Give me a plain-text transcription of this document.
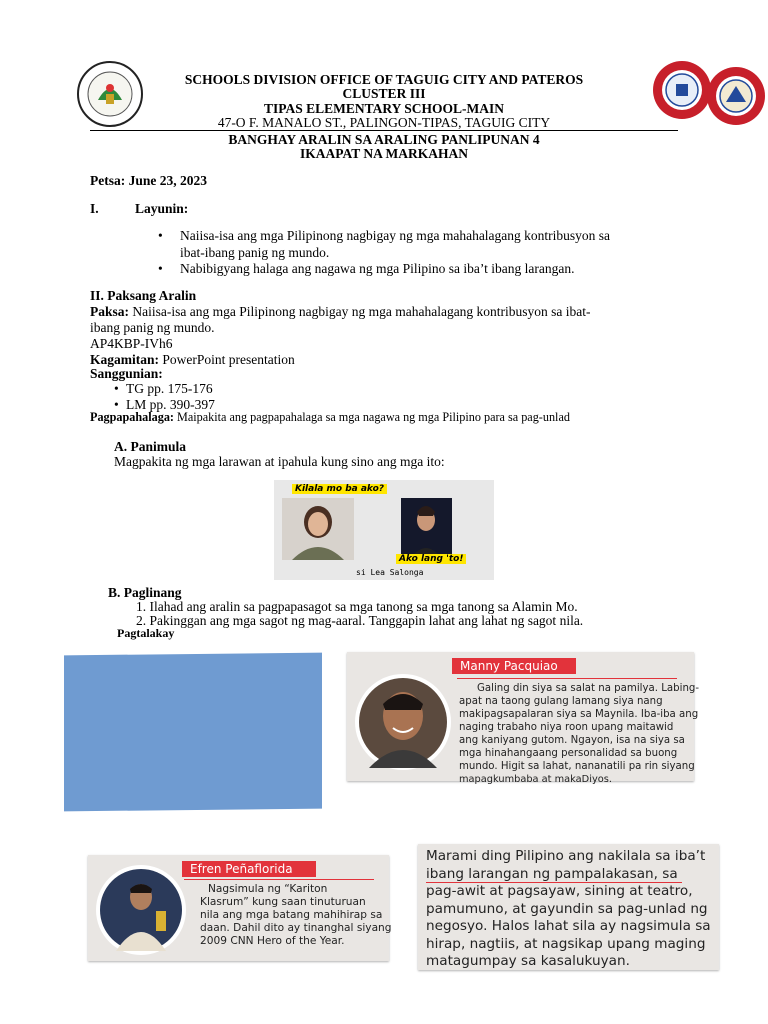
SCHOOLS DIVISION OFFICE OF TAGUIG CITY AND PATEROS
CLUSTER III
TIPAS ELEMENTARY SCHOOL-MAIN
47-O F. MANALO ST., PALINGON-TIPAS, TAGUIG CITY
BANGHAY ARALIN SA ARALING PANLIPUNAN 4
IKAAPAT NA MARKAHAN
Petsa: June 23, 2023
I.	Layunin:
• Naiisa-isa ang mga Pilipinong nagbigay ng mga mahahalagang kontribusyon sa
ibat-ibang panig ng mundo.
• Nabibigyang halaga ang nagawa ng mga Pilipino sa iba’t ibang larangan.
II. Paksang Aralin
Paksa: Naiisa-isa ang mga Pilipinong nagbigay ng mga mahahalagang kontribusyon sa ibat-
ibang panig ng mundo.
AP4KBP-IVh6
Kagamitan: PowerPoint presentation
Sanggunian:
• TG pp. 175-176
• LM pp. 390-397
Pagpapahalaga: Maipakita ang pagpapahalaga sa mga nagawa ng mga Pilipino para sa pag-unlad
A. Panimula
Magpakita ng mga larawan at ipahula kung sino ang mga ito:
Kilala mo ba ako?
Ako lang 'to!
si Lea Salonga
B. Paglinang
1. Ilahad ang aralin sa pagpapasagot sa mga tanong sa mga tanong sa Alamin Mo.
2. Pakinggan ang mga sagot ng mag-aaral. Tanggapin lahat ang lahat ng sagot nila.
Pagtalakay
Manny Pacquiao
Galing din siya sa salat na pamilya. Labing-
apat na taong gulang lamang siya nang
makipagsapalaran siya sa Maynila. Iba-iba ang
naging trabaho niya roon upang maitawid
ang kaniyang gutom. Ngayon, isa na siya sa
mga hinahangaang personalidad sa buong
mundo. Higit sa lahat, nananatili pa rin siyang
mapagkumbaba at makaDiyos.
Efren Peñaflorida
Nagsimula ng “Kariton
Klasrum” kung saan tinuturuan
nila ang mga batang mahihirap sa
daan. Dahil dito ay tinanghal siyang
2009 CNN Hero of the Year.
Marami ding Pilipino ang nakilala sa iba’t
ibang larangan ng pampalakasan, sa
pag-awit at pagsayaw, sining at teatro,
pamumuno, at gayundin sa pag-unlad ng
negosyo. Halos lahat sila ay nagsimula sa
hirap, nagtiis, at nagsikap upang maging
matagumpay sa kasalukuyan.
